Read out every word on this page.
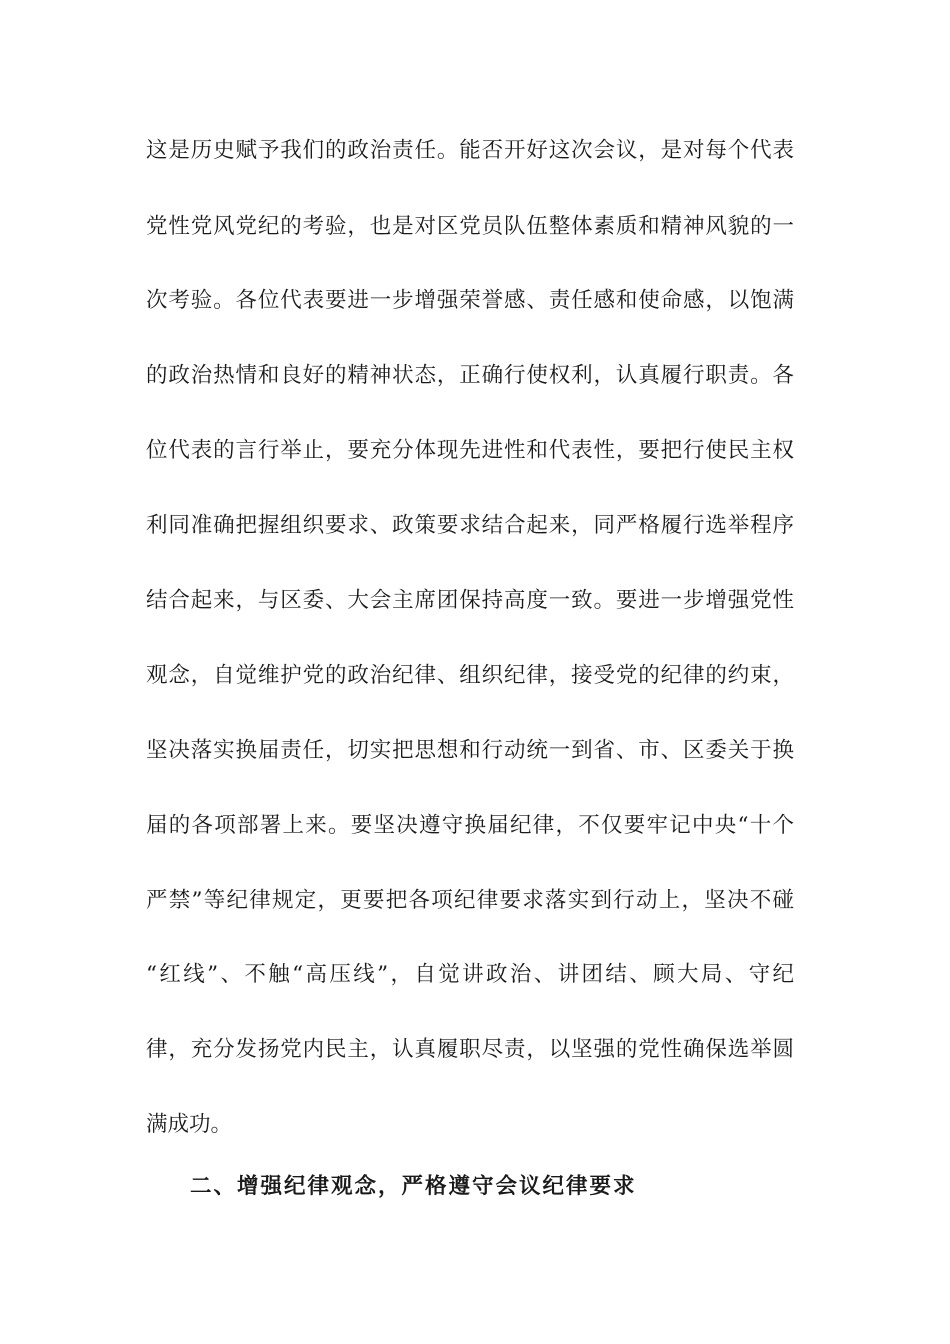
这是历史赋予我们的政治责任。能否开好这次会议，是对每个代表
党性党风党纪的考验，也是对区党员队伍整体素质和精神风貌的一
次考验。各位代表要进一步增强荣誉感、责任感和使命感，以饱满
的政治热情和良好的精神状态，正确行使权利，认真履行职责。各
位代表的言行举止，要充分体现先进性和代表性，要把行使民主权
利同准确把握组织要求、政策要求结合起来，同严格履行选举程序
结合起来，与区委、大会主席团保持高度一致。要进一步增强党性
观念，自觉维护党的政治纪律、组织纪律，接受党的纪律的约束，
坚决落实换届责任，切实把思想和行动统一到省、市、区委关于换
届的各项部署上来。要坚决遵守换届纪律，不仅要牢记中央“十个
严禁”等纪律规定，更要把各项纪律要求落实到行动上，坚决不碰
“红线”、不触“高压线”，自觉讲政治、讲团结、顾大局、守纪
律，充分发扬党内民主，认真履职尽责，以坚强的党性确保选举圆
满成功。
二、增强纪律观念，严格遵守会议纪律要求
